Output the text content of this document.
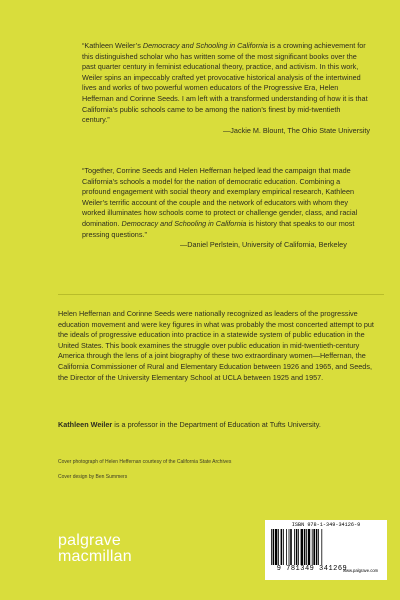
“Kathleen Weiler’s Democracy and Schooling in California is a crowning achievement for this distinguished scholar who has written some of the most significant books over the past quarter century in feminist educational theory, practice, and activism. In this work, Weiler spins an impeccably crafted yet provocative historical analysis of the intertwined lives and works of two powerful women educators of the Progressive Era, Helen Heffernan and Corinne Seeds. I am left with a transformed understanding of how it is that California’s public schools came to be among the nation’s finest by mid-twentieth century.”

—Jackie M. Blount, The Ohio State University

“Together, Corrine Seeds and Helen Heffernan helped lead the campaign that made California’s schools a model for the nation of democratic education. Combining a profound engagement with social theory and exemplary empirical research, Kathleen Weiler’s terrific account of the couple and the network of educators with whom they worked illuminates how schools come to protect or challenge gender, class, and racial domination. Democracy and Schooling in California is history that speaks to our most pressing questions.”

—Daniel Perlstein, University of California, Berkeley

Helen Heffernan and Corinne Seeds were nationally recognized as leaders of the progressive education movement and were key figures in what was probably the most concerted attempt to put the ideals of progressive education into practice in a statewide system of public education in the United States. This book examines the struggle over public education in mid-twentieth-century America through the lens of a joint biography of these two extraordinary women—Heffernan, the California Commissioner of Rural and Elementary Education between 1926 and 1965, and Seeds, the Director of the University Elementary School at UCLA between 1925 and 1957.

Kathleen Weiler is a professor in the Department of Education at Tufts University.
Cover photograph of Helen Heffernan courtesy of the California State Archives
Cover design by Ben Summers
palgrave
macmillan
ISBN 978-1-349-34126-9
9 781349 341269
www.palgrave.com
